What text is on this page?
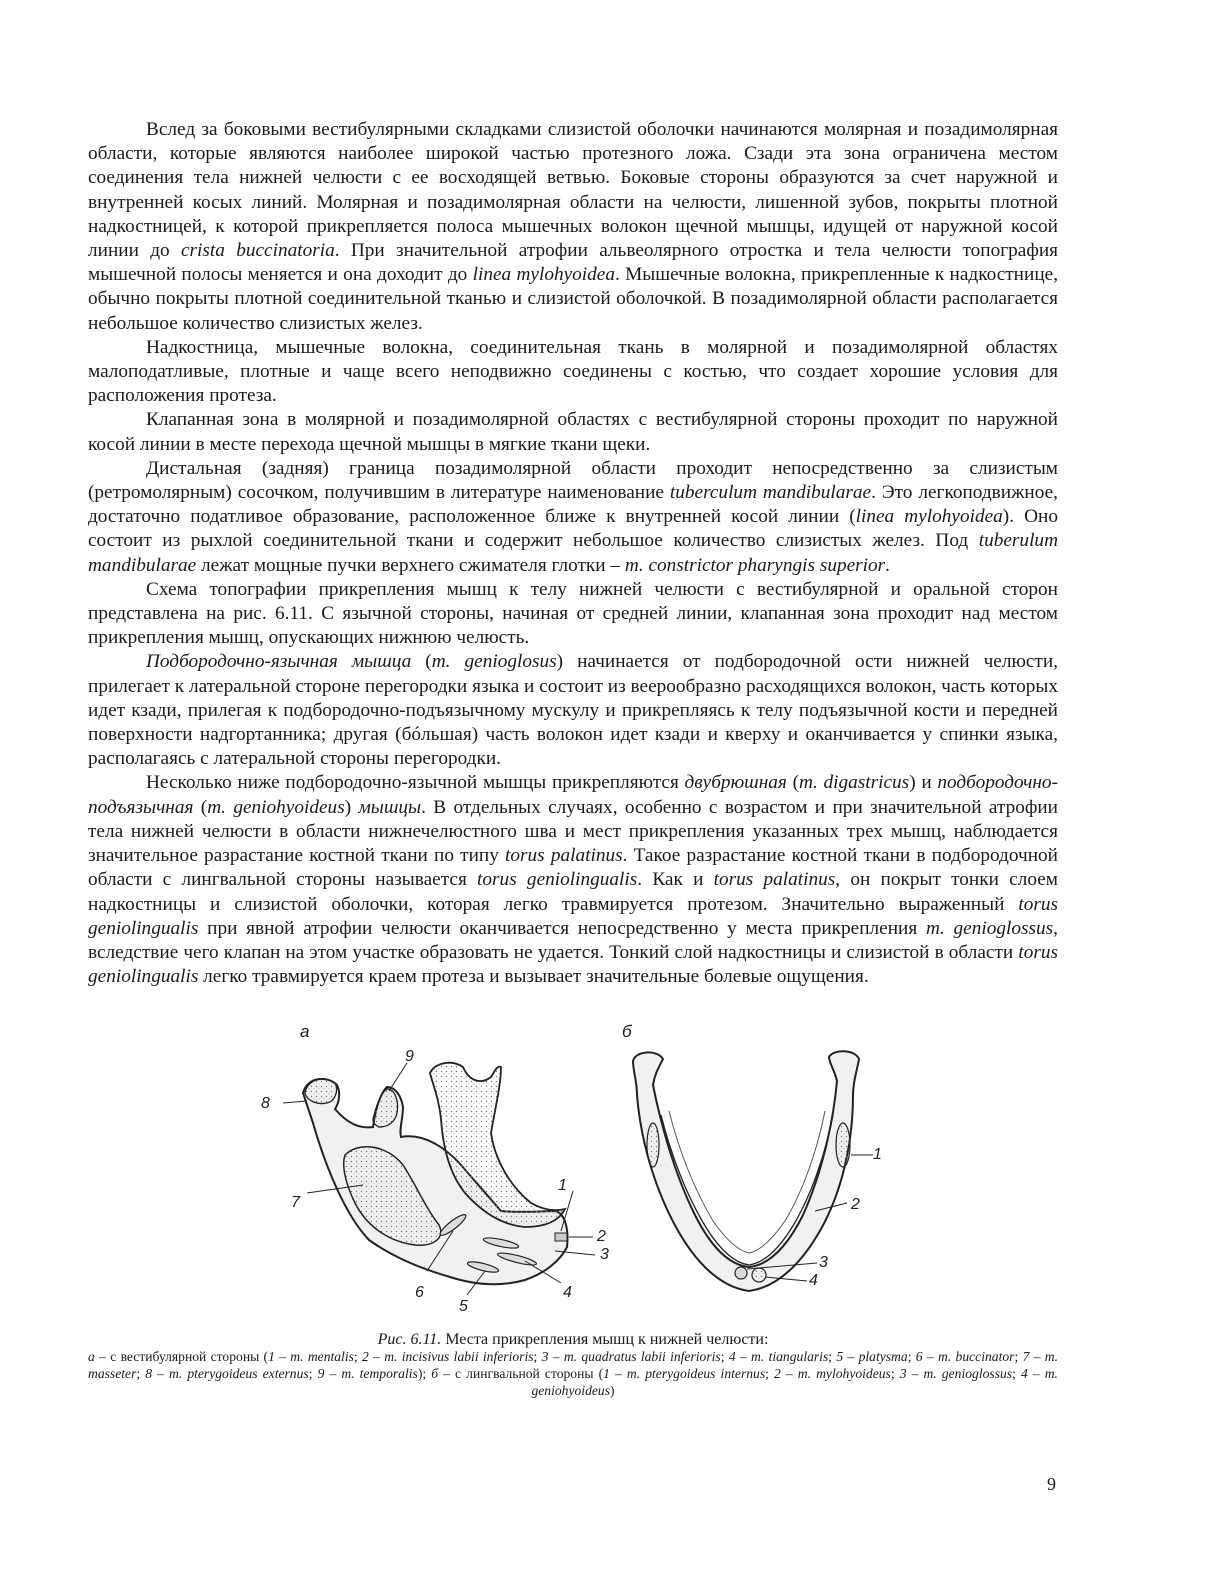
Вслед за боковыми вестибулярными складками слизистой оболочки начинаются молярная и позадимолярная области, которые являются наиболее широкой частью протезного ложа. Сзади эта зона ограничена местом соединения тела нижней челюсти с ее восходящей ветвью. Боковые стороны образуются за счет наружной и внутренней косых линий. Молярная и позадимолярная области на челюсти, лишенной зубов, покрыты плотной надкостницей, к которой прикрепляется полоса мышечных волокон щечной мышцы, идущей от наружной косой линии до crista buccinatoria. При значительной атрофии альвеолярного отростка и тела челюсти топография мышечной полосы меняется и она доходит до linea mylohyoidea. Мышечные волокна, прикрепленные к надкостнице, обычно покрыты плотной соединительной тканью и слизистой оболочкой. В позадимолярной области располагается небольшое количество слизистых желез.

Надкостница, мышечные волокна, соединительная ткань в молярной и позадимолярной областях малоподатливые, плотные и чаще всего неподвижно соединены с костью, что создает хорошие условия для расположения протеза.

Клапанная зона в молярной и позадимолярной областях с вестибулярной стороны проходит по наружной косой линии в месте перехода щечной мышцы в мягкие ткани щеки.

Дистальная (задняя) граница позадимолярной области проходит непосредственно за слизистым (ретромолярным) сосочком, получившим в литературе наименование tuberculum mandibularae. Это легкоподвижное, достаточно податливое образование, расположенное ближе к внутренней косой линии (linea mylohyoidea). Оно состоит из рыхлой соединительной ткани и содержит небольшое количество слизистых желез. Под tuberulum mandibularae лежат мощные пучки верхнего сжимателя глотки – m. constrictor pharyngis superior.

Схема топографии прикрепления мышц к телу нижней челюсти с вестибулярной и оральной сторон представлена на рис. 6.11. С язычной стороны, начиная от средней линии, клапанная зона проходит над местом прикрепления мышц, опускающих нижнюю челюсть.

Подбородочно-язычная мышца (m. genioglosus) начинается от подбородочной ости нижней челюсти, прилегает к латеральной стороне перегородки языка и состоит из веерообразно расходящихся волокон, часть которых идет кзади, прилегая к подбородочно-подъязычному мускулу и прикрепляясь к телу подъязычной кости и передней поверхности надгортанника; другая (бóльшая) часть волокон идет кзади и кверху и оканчивается у спинки языка, располагаясь с латеральной стороны перегородки.

Несколько ниже подбородочно-язычной мышцы прикрепляются двубрюшная (m. digastricus) и подбородочно-подъязычная (m. geniohyoideus) мышцы. В отдельных случаях, особенно с возрастом и при значительной атрофии тела нижней челюсти в области нижнечелюстного шва и мест прикрепления указанных трех мышц, наблюдается значительное разрастание костной ткани по типу torus palatinus. Такое разрастание костной ткани в подбородочной области с лингвальной стороны называется torus geniolingualis. Как и torus palatinus, он покрыт тонки слоем надкостницы и слизистой оболочки, которая легко травмируется протезом. Значительно выраженный torus geniolingualis при явной атрофии челюсти оканчивается непосредственно у места прикрепления m. genioglossus, вследствие чего клапан на этом участке образовать не удается. Тонкий слой надкостницы и слизистой в области torus geniolingualis легко травмируется краем протеза и вызывает значительные болевые ощущения.

1
2
3
4
5
6
7
8
9
1
2
3
4
а	б
Рис. 6.11. Места прикрепления мышц к нижней челюсти:
а – с вестибулярной стороны (1 – m. mentalis; 2 – m. incisivus labii inferioris; 3 – m. quadratus labii inferioris; 4 – m. tiangularis; 5 – platysma; 6 – m. buccinator; 7 – m. masseter; 8 – m. pterygoideus externus; 9 – m. temporalis); б – с лингвальной стороны (1 – m. pterygoideus internus; 2 – m. mylohyoideus; 3 – m. genioglossus; 4 – m. geniohyoideus)
9
